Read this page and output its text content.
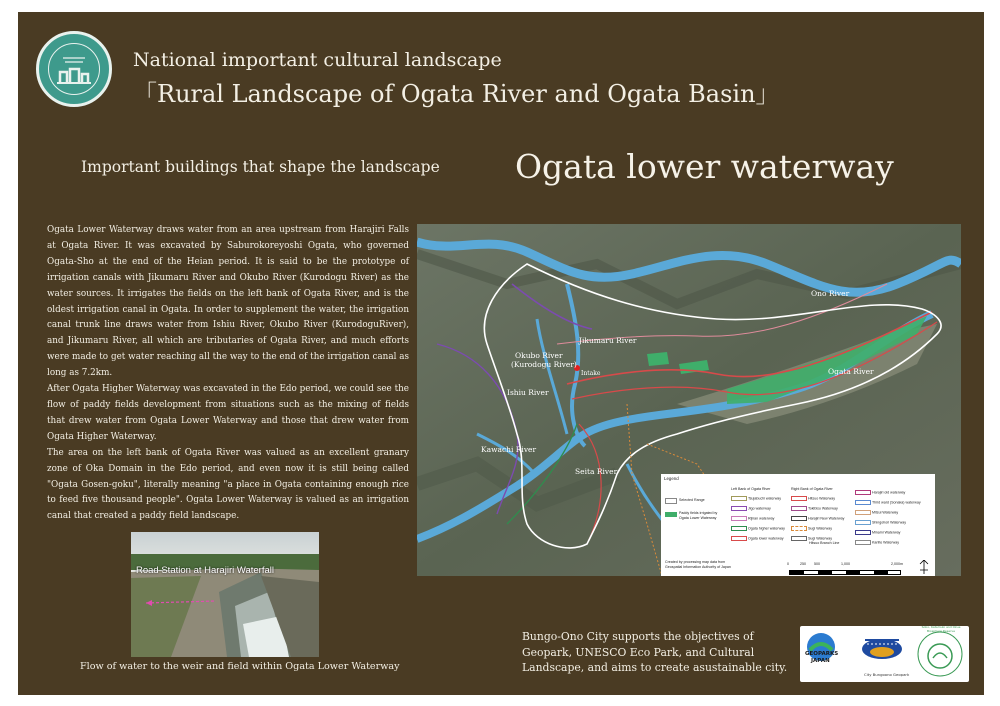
National important cultural landscape
「Rural Landscape of Ogata River and Ogata Basin」
Important buildings that shape the landscape Ogata lower waterway

Ogata Lower Waterway draws water from an area upstream from Harajiri Falls at Ogata River. It was excavated by Saburokoreyoshi Ogata, who governed Ogata-Sho at the end of the Heian period. It is said to be the prototype of irrigation canals with Jikumaru River and Okubo River (Kurodogu River) as the water sources. It irrigates the fields on the left bank of Ogata River, and is the oldest irrigation canal in Ogata. In order to supplement the water, the irrigation canal trunk line draws water from Ishiu River, Okubo River (KurodoguRiver), and Jikumaru River, all which are tributaries of Ogata River, and much efforts were made to get water reaching all the way to the end of the irrigation canal as long as 7.2km.

After Ogata Higher Waterway was excavated in the Edo period, we could see the flow of paddy fields development from situations such as the mixing of fields that drew water from Ogata Lower Waterway and those that drew water from Ogata Higher Waterway.

The area on the left bank of Ogata River was valued as an excellent granary zone of Oka Domain in the Edo period, and even now it is still being called "Ogata Gosen-goku", literally meaning "a place in Ogata containing enough rice to feed five thousand people". Ogata Lower Waterway is valued as an irrigation canal that created a paddy field landscape.

Road Station at Harajiri Waterfall
Flow of water to the weir and field within Ogata Lower Waterway
Ono River
Jikumaru River
Okubo River
(Kurodogu River)
Ishiu River
Ogata River
Kawachi River
Seita River
Intake
Legend
Left Bank of Ogata River	Right Bank of Ogata River
Selected Range
Paddy fields irrigated by
Ogata Lower Waterway
Tsujabuchi waterway
Jigo waterway
Rijiran waterway
Ogata higher waterway
Ogata lower waterway
Hitsuo Waterway
Tokibisu Waterway
Harajiri New Waterway
Sugi Waterway
Sugi Waterway
Hitsuo Branch Line
Harajiri old waterway
Third ward (Sonaka) waterway
Mitsui Waterway
Shingohori Waterway
Minami Waterway
Kariite Waterway
Created by processing map data from
Geospatial Information Authority of Japan
0	250 500	1,000	2,000m
Bungo-Ono City supports the objectives of Geopark, UNESCO Eco Park, and Cultural Landscape, and aims to create asustainable city.
GEOPARKS
JAPAN
City Bungoono Geopark
Sobo, Katamuki and Okue Biosphere Reserve
